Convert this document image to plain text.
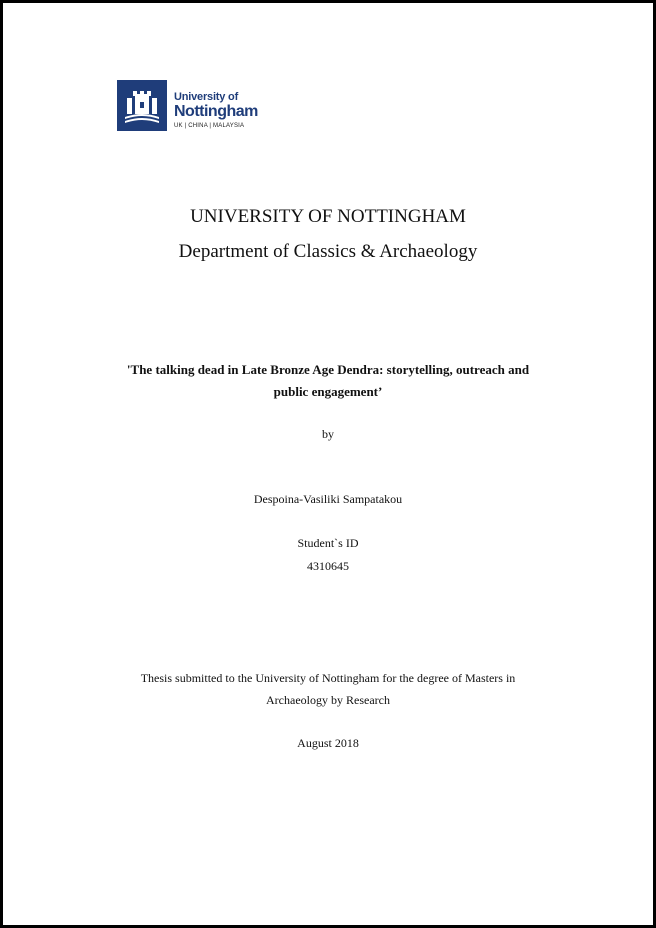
University of
Nottingham
UK | CHINA | MALAYSIA
UNIVERSITY OF NOTTINGHAM
Department of Classics & Archaeology
'The talking dead in Late Bronze Age Dendra: storytelling, outreach and
public engagement’
by
Despoina-Vasiliki Sampatakou
Student`s ID
4310645
Thesis submitted to the University of Nottingham for the degree of Masters in
Archaeology by Research
August 2018
